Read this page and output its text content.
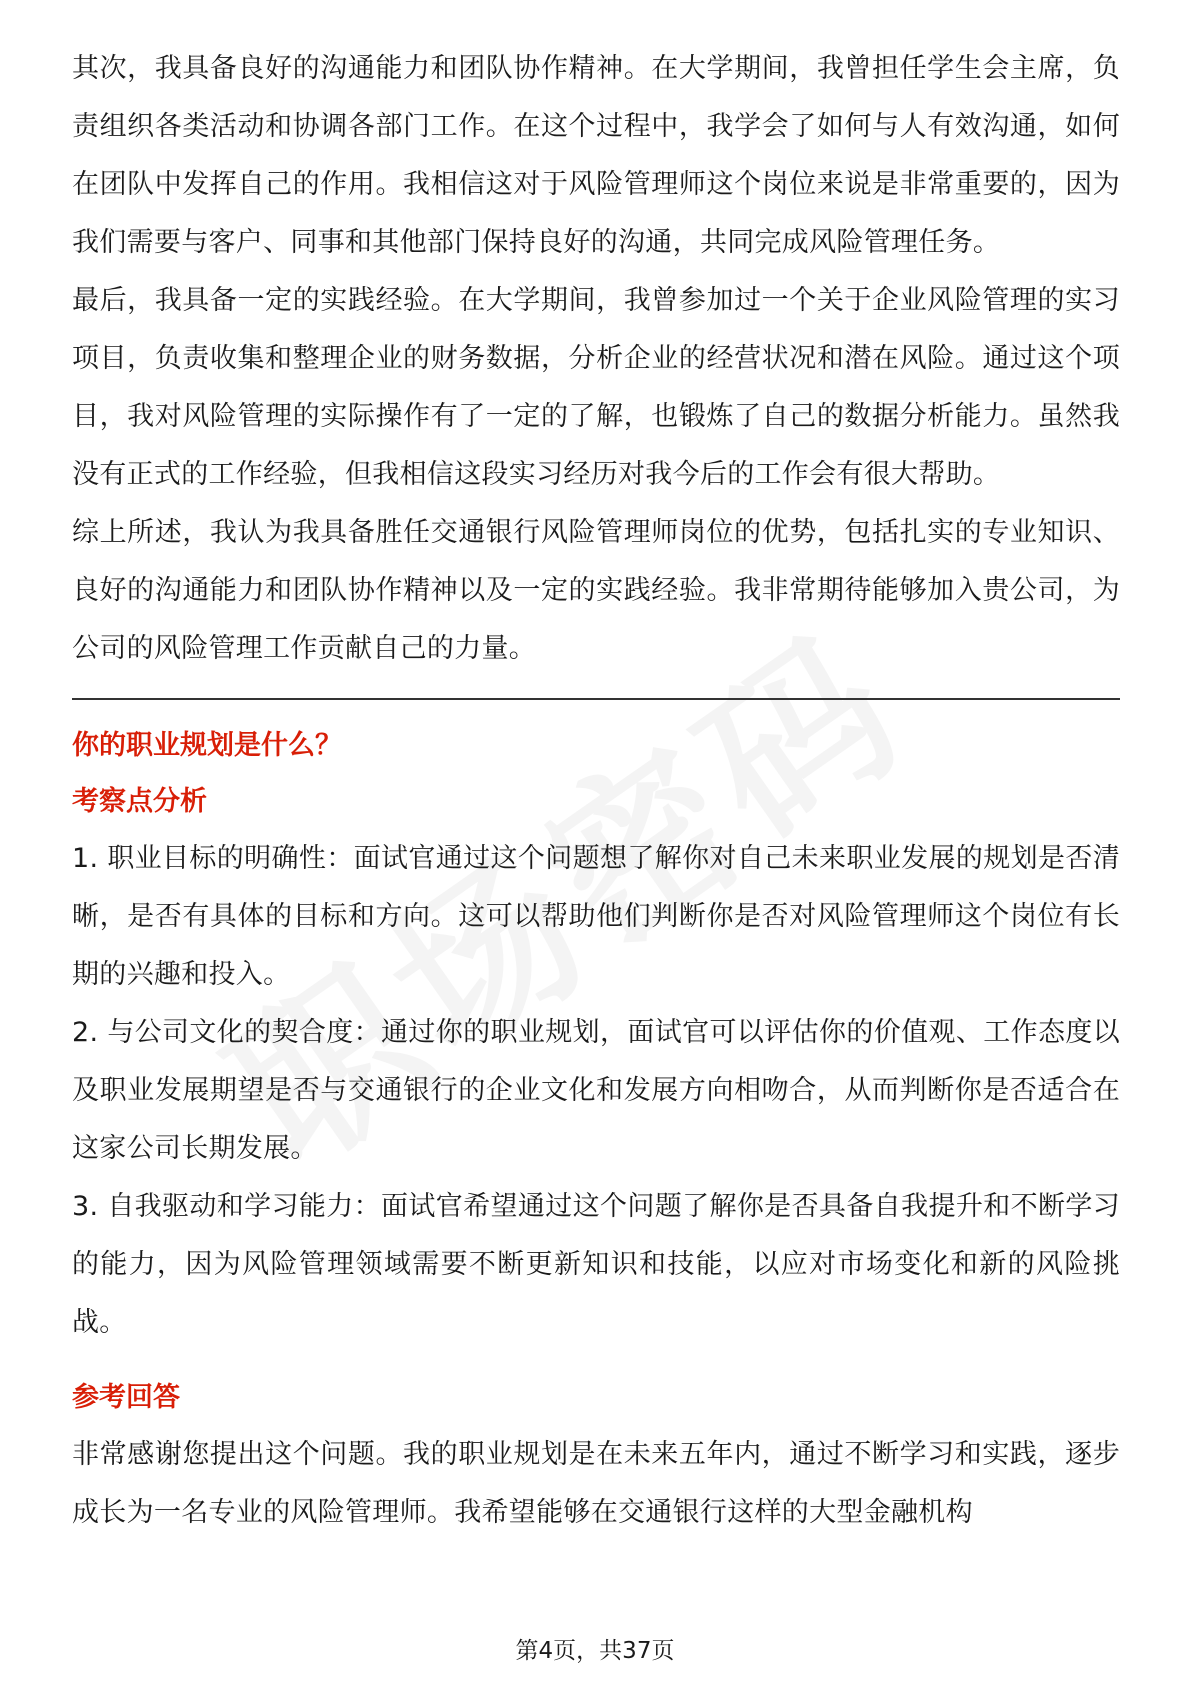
其次，我具备良好的沟通能力和团队协作精神。在大学期间，我曾担任学生会主席，负责组织各类活动和协调各部门工作。在这个过程中，我学会了如何与人有效沟通，如何在团队中发挥自己的作用。我相信这对于风险管理师这个岗位来说是非常重要的，因为我们需要与客户、同事和其他部门保持良好的沟通，共同完成风险管理任务。

最后，我具备一定的实践经验。在大学期间，我曾参加过一个关于企业风险管理的实习项目，负责收集和整理企业的财务数据，分析企业的经营状况和潜在风险。通过这个项目，我对风险管理的实际操作有了一定的了解，也锻炼了自己的数据分析能力。虽然我没有正式的工作经验，但我相信这段实习经历对我今后的工作会有很大帮助。

综上所述，我认为我具备胜任交通银行风险管理师岗位的优势，包括扎实的专业知识、良好的沟通能力和团队协作精神以及一定的实践经验。我非常期待能够加入贵公司，为公司的风险管理工作贡献自己的力量。

你的职业规划是什么？

考察点分析

1. 职业目标的明确性：面试官通过这个问题想了解你对自己未来职业发展的规划是否清晰，是否有具体的目标和方向。这可以帮助他们判断你是否对风险管理师这个岗位有长期的兴趣和投入。

2. 与公司文化的契合度：通过你的职业规划，面试官可以评估你的价值观、工作态度以及职业发展期望是否与交通银行的企业文化和发展方向相吻合，从而判断你是否适合在这家公司长期发展。

3. 自我驱动和学习能力：面试官希望通过这个问题了解你是否具备自我提升和不断学习的能力，因为风险管理领域需要不断更新知识和技能，以应对市场变化和新的风险挑战。

参考回答

非常感谢您提出这个问题。我的职业规划是在未来五年内，通过不断学习和实践，逐步成长为一名专业的风险管理师。我希望能够在交通银行这样的大型金融机构

第4页，共37页
